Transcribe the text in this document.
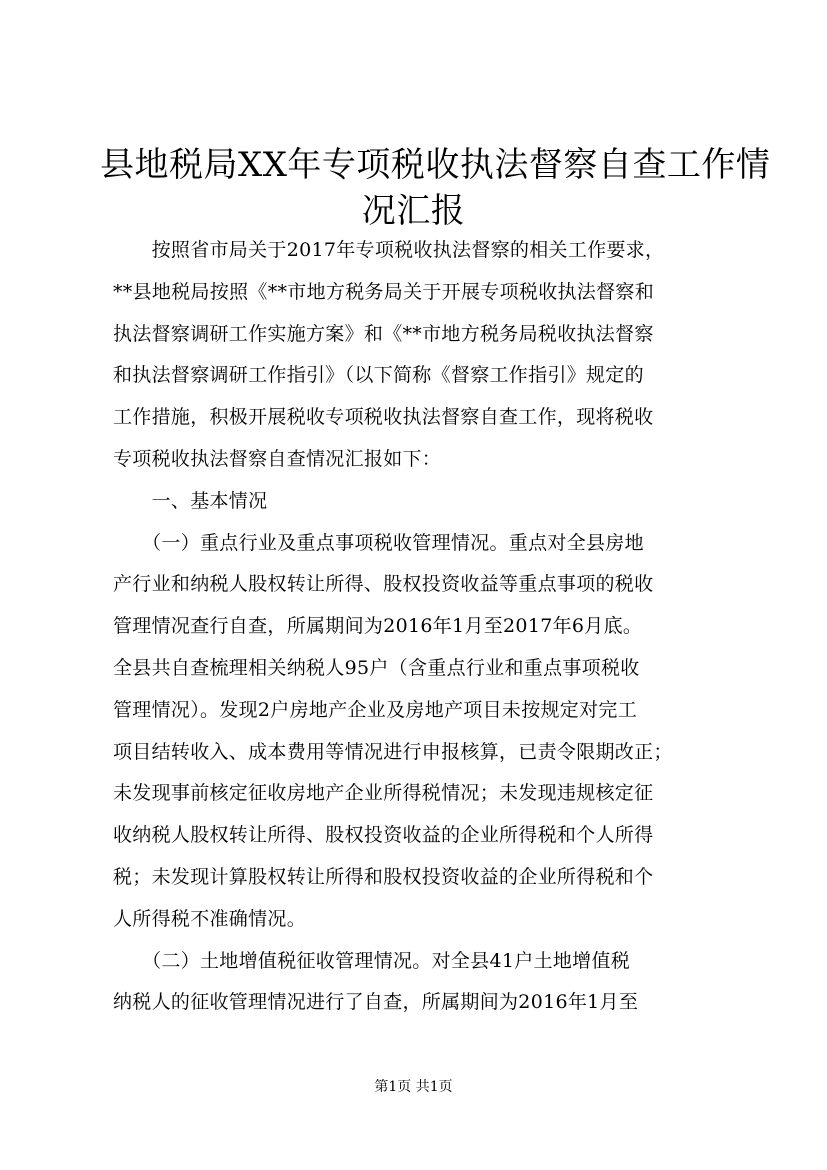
县地税局XX年专项税收执法督察自查工作情
况汇报
　　按照省市局关于2017年专项税收执法督察的相关工作要求，
**县地税局按照《**市地方税务局关于开展专项税收执法督察和
执法督察调研工作实施方案》和《**市地方税务局税收执法督察
和执法督察调研工作指引》（以下简称《督察工作指引》规定的
工作措施，积极开展税收专项税收执法督察自查工作，现将税收
专项税收执法督察自查情况汇报如下：
　　一、基本情况
　　（一）重点行业及重点事项税收管理情况。重点对全县房地
产行业和纳税人股权转让所得、股权投资收益等重点事项的税收
管理情况查行自查，所属期间为2016年1月至2017年6月底。
全县共自查梳理相关纳税人95户（含重点行业和重点事项税收
管理情况）。发现2户房地产企业及房地产项目未按规定对完工
项目结转收入、成本费用等情况进行申报核算，已责令限期改正；
未发现事前核定征收房地产企业所得税情况；未发现违规核定征
收纳税人股权转让所得、股权投资收益的企业所得税和个人所得
税；未发现计算股权转让所得和股权投资收益的企业所得税和个
人所得税不准确情况。
　　（二）土地增值税征收管理情况。对全县41户土地增值税
纳税人的征收管理情况进行了自查，所属期间为2016年1月至
第1页 共1页
